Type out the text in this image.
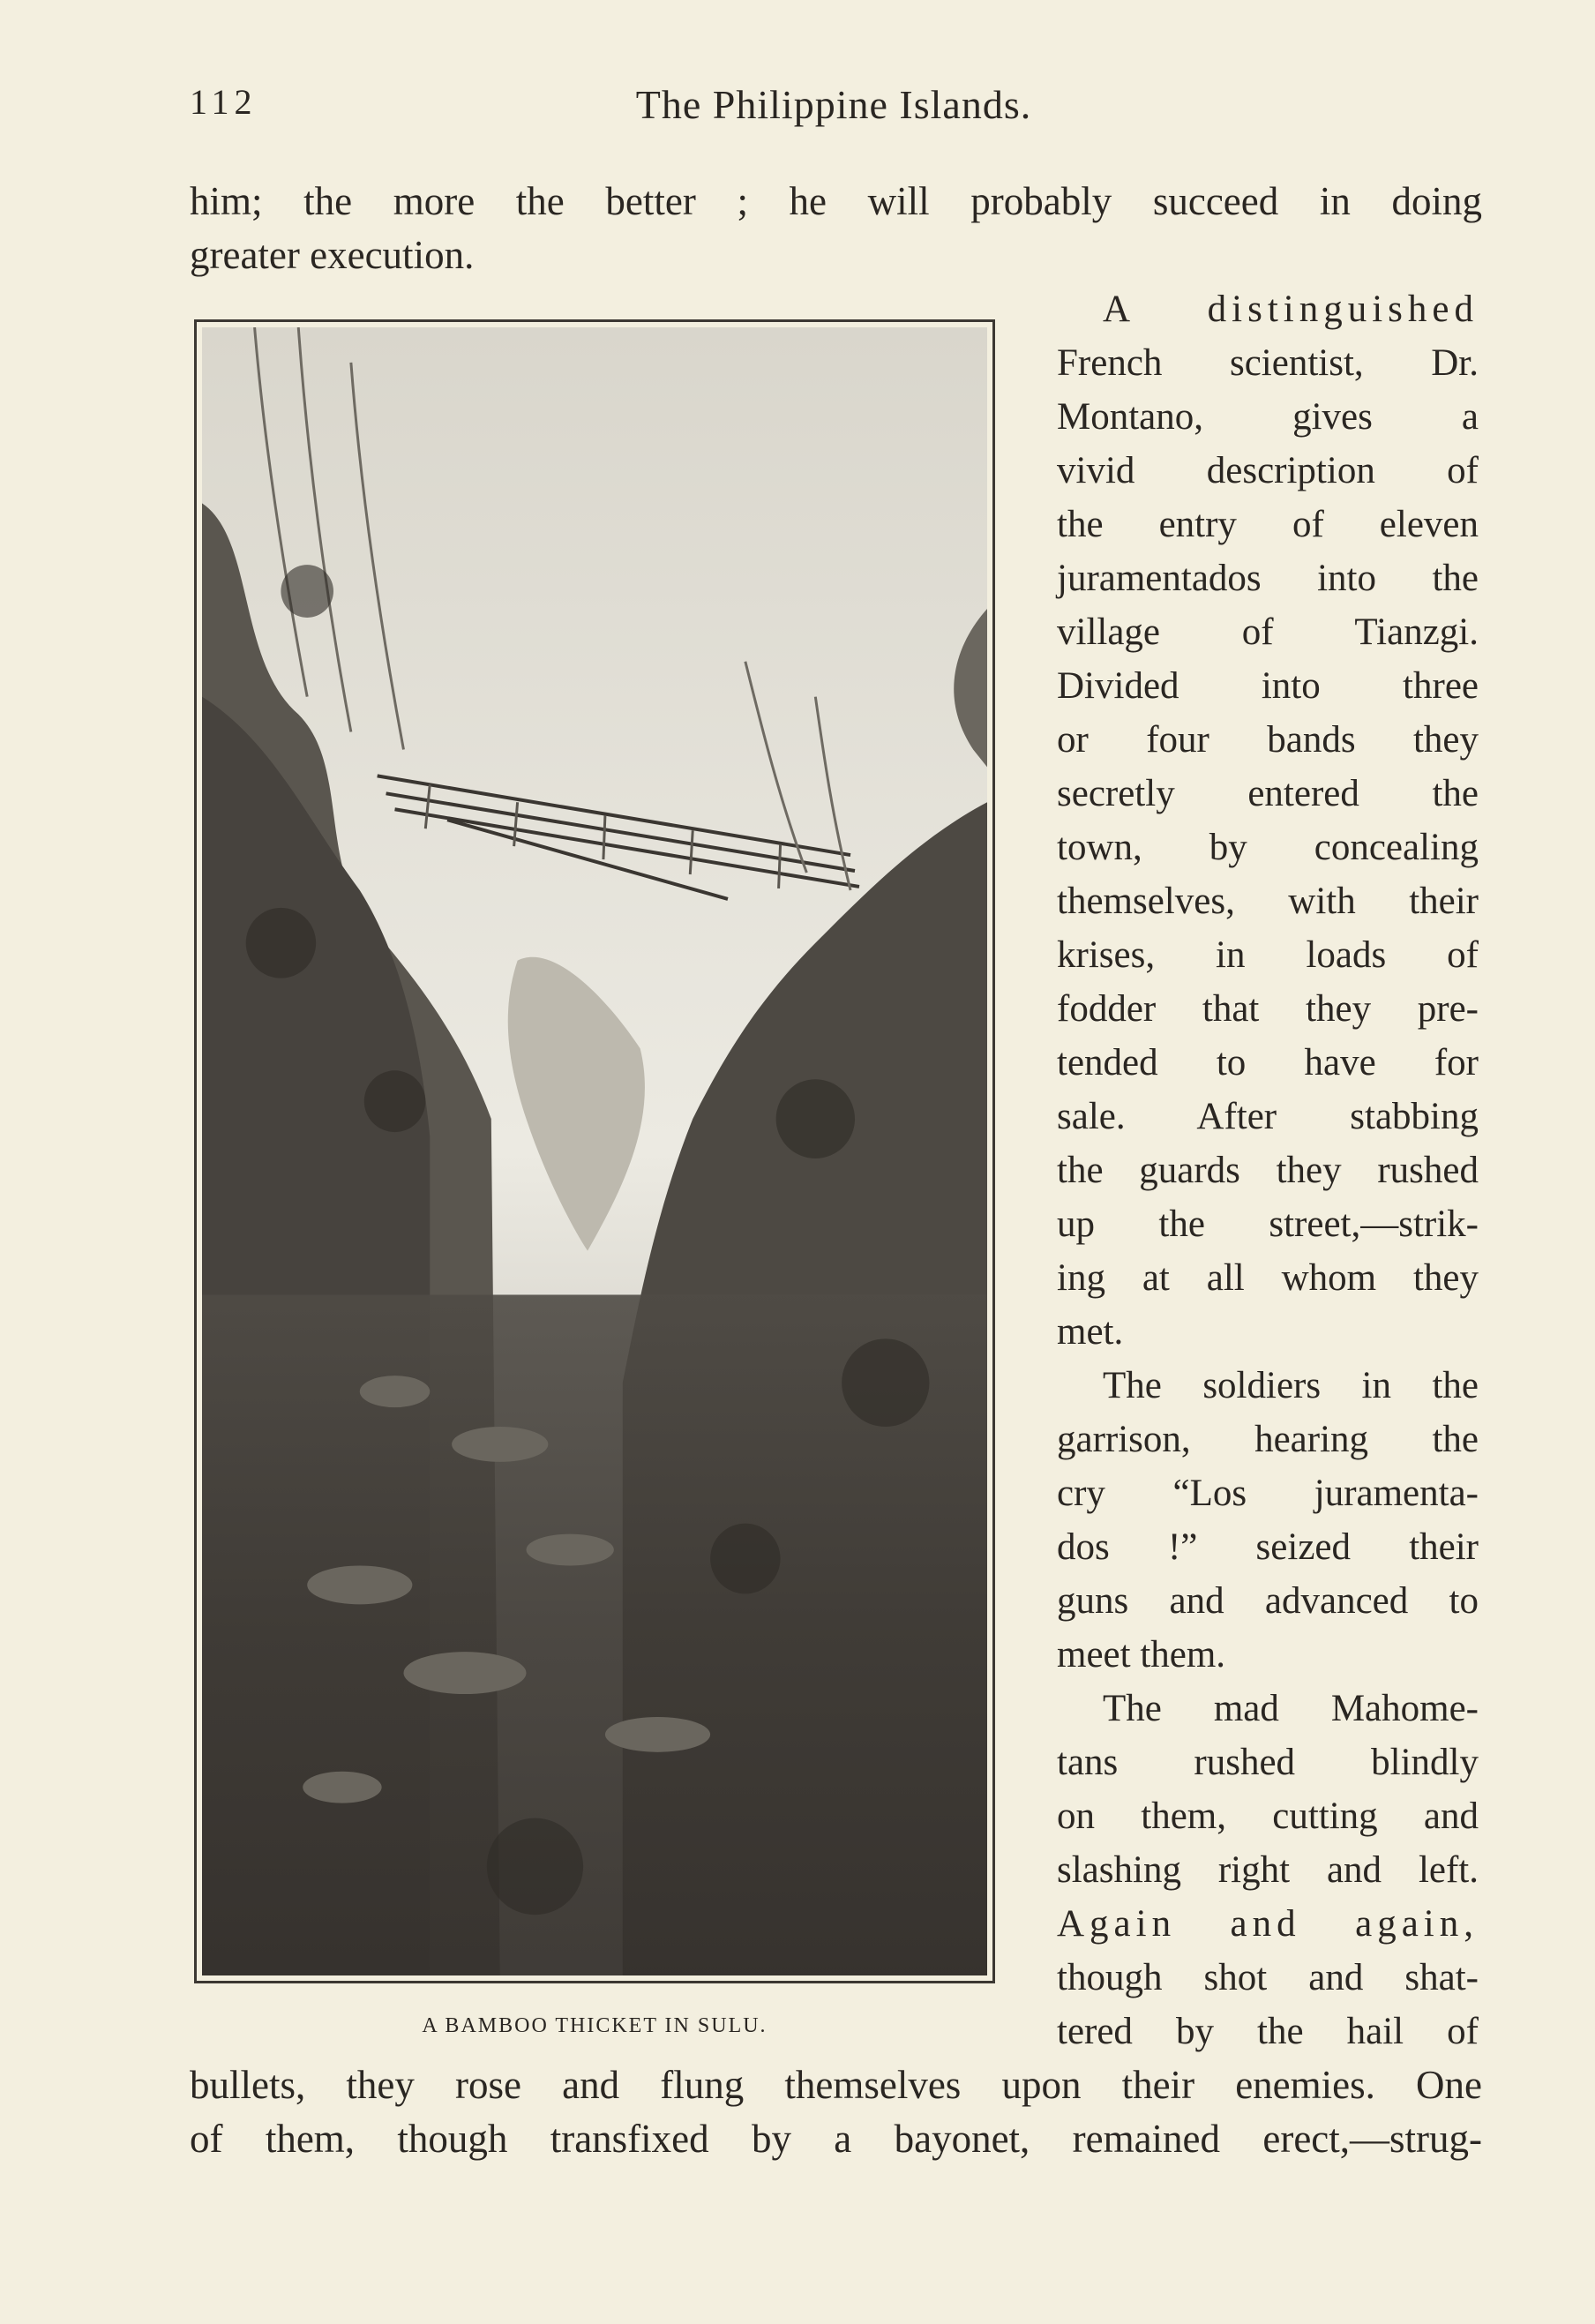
112	The Philippine Islands.
him; the more the better ; he will probably succeed in doing
greater execution.
A BAMBOO THICKET IN SULU.
A distinguished
French scientist, Dr.
Montano, gives a
vivid description of
the entry of eleven
juramentados into the
village of Tianzgi.
Divided into three
or four bands they
secretly entered the
town, by concealing
themselves, with their
krises, in loads of
fodder that they pre-
tended to have for
sale. After stabbing
the guards they rushed
up the street,—strik-
ing at all whom they
met.
The soldiers in the
garrison, hearing the
cry “Los juramenta-
dos !” seized their
guns and advanced to
meet them.
The mad Mahome-
tans rushed blindly
on them, cutting and
slashing right and left.
Again and again,
though shot and shat-
tered by the hail of
bullets, they rose and flung themselves upon their enemies. One
of them, though transfixed by a bayonet, remained erect,—strug-
